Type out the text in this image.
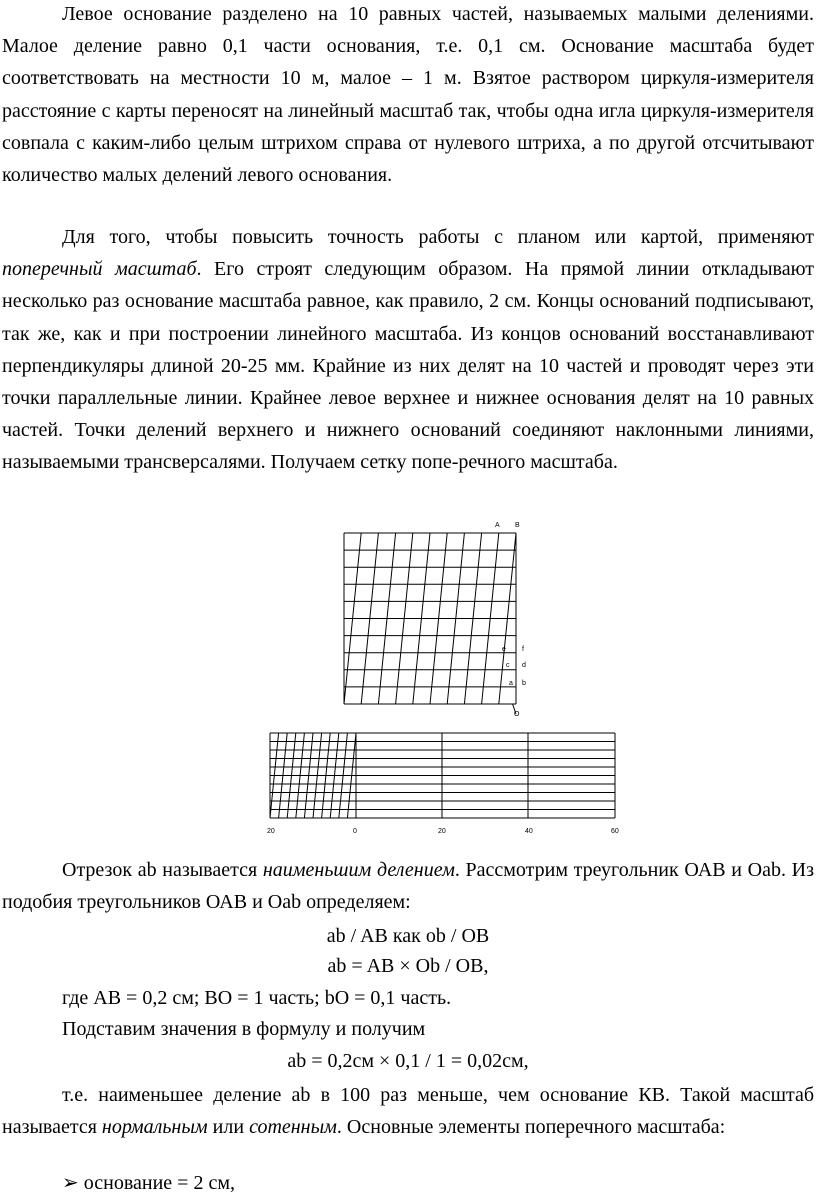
Левое основание разделено на 10 равных частей, называемых малыми делениями. Малое деление равно 0,1 части основания, т.е. 0,1 см. Основание масштаба будет соответствовать на местности 10 м, малое – 1 м. Взятое раствором циркуля-измерителя расстояние с карты переносят на линейный масштаб так, чтобы одна игла циркуля-измерителя совпала с каким-либо целым штрихом справа от нулевого штриха, а по другой отсчитывают количество малых делений левого основания.

Для того, чтобы повысить точность работы с планом или картой, применяют поперечный масштаб. Его строят следующим образом. На прямой линии откладывают несколько раз основание масштаба равное, как правило, 2 см. Концы оснований подписывают, так же, как и при построении линейного масштаба. Из концов оснований восстанавливают перпендикуляры длиной 20-25 мм. Крайние из них делят на 10 частей и проводят через эти точки параллельные линии. Крайнее левое верхнее и нижнее основания делят на 10 равных частей. Точки делений верхнего и нижнего оснований соединяют наклонными линиями, называемыми трансверсалями. Получаем сетку попе-речного масштаба.

A B
e
c
a
f
d
b
O
20	0	20	40	60

Отрезок ab называется наименьшим делением. Рассмотрим треугольник ОАВ и Оab. Из подобия треугольников ОАВ и Оab определяем:

ab / AB как ob / OB
ab = AB × Ob / OB,
где AB = 0,2 см; BO = 1 часть; bO = 0,1 часть.
Подставим значения в формулу и получим
ab = 0,2см × 0,1 / 1 = 0,02см,

т.е. наименьшее деление ab в 100 раз меньше, чем основание КВ. Такой масштаб называется нормальным или сотенным. Основные элементы поперечного масштаба:

➢ основание = 2 см,
